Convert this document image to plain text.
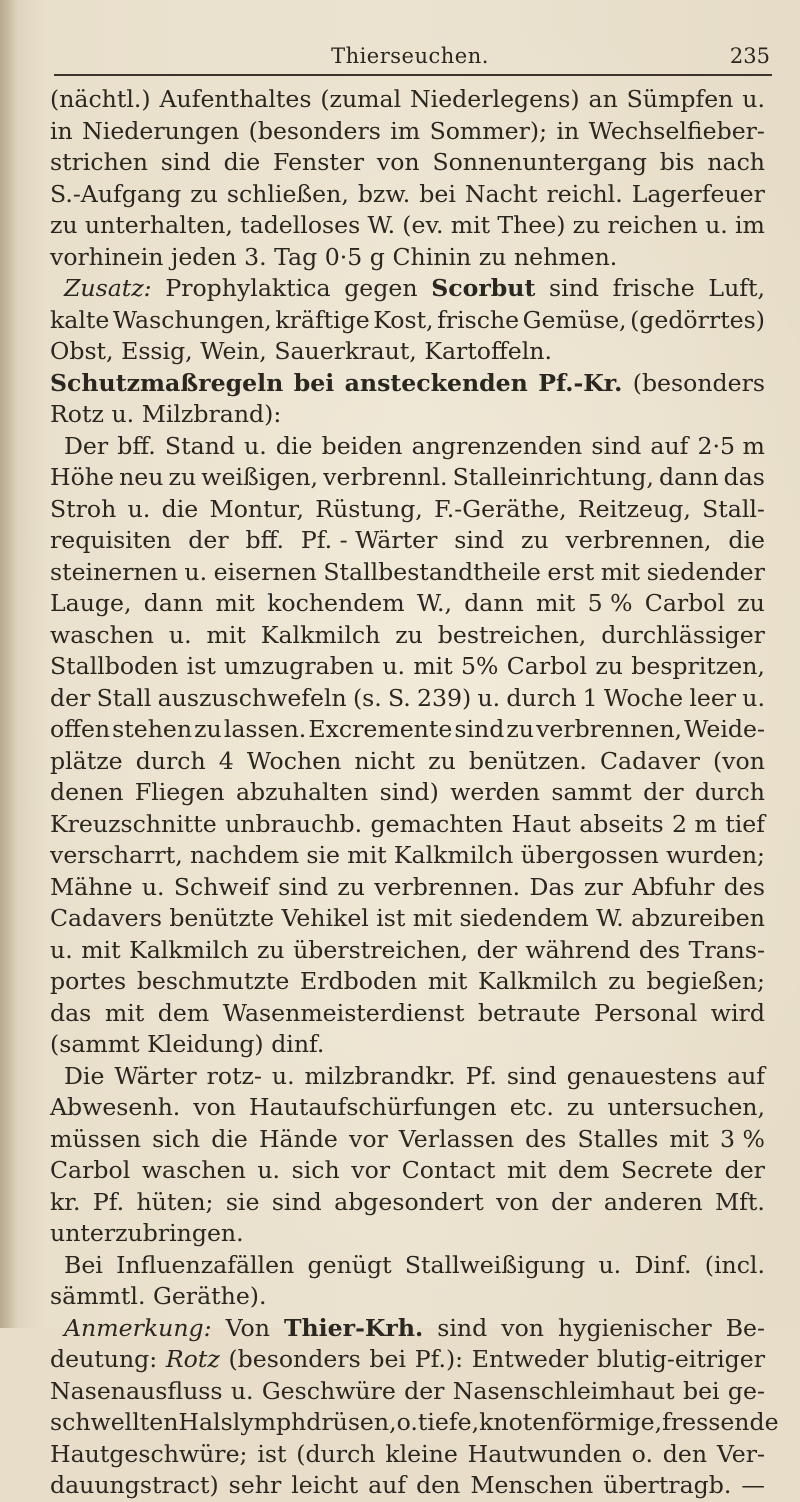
Thierseuchen.	235
(nächtl.) Aufenthaltes (zumal Niederlegens) an Sümpfen u.
in Niederungen (besonders im Sommer); in Wechselfieber-
strichen sind die Fenster von Sonnenuntergang bis nach
S.-Aufgang zu schließen, bzw. bei Nacht reichl. Lagerfeuer
zu unterhalten, tadelloses W. (ev. mit Thee) zu reichen u. im
vorhinein jeden 3. Tag 0·5 g Chinin zu nehmen.
Zusatz: Prophylaktica gegen Scorbut sind frische Luft,
kalte Waschungen, kräftige Kost, frische Gemüse, (gedörrtes)
Obst, Essig, Wein, Sauerkraut, Kartoffeln.
Schutzmaßregeln bei ansteckenden Pf.-Kr. (besonders
Rotz u. Milzbrand):
Der bff. Stand u. die beiden angrenzenden sind auf 2·5 m
Höhe neu zu weißigen, verbrennl. Stalleinrichtung, dann das
Stroh u. die Montur, Rüstung, F.-Geräthe, Reitzeug, Stall-
requisiten der bff. Pf. - Wärter sind zu verbrennen, die
steinernen u. eisernen Stallbestandtheile erst mit siedender
Lauge, dann mit kochendem W., dann mit 5 % Carbol zu
waschen u. mit Kalkmilch zu bestreichen, durchlässiger
Stallboden ist umzugraben u. mit 5% Carbol zu bespritzen,
der Stall auszuschwefeln (s. S. 239) u. durch 1 Woche leer u.
offen stehen zu lassen. Excremente sind zu verbrennen, Weide-
plätze durch 4 Wochen nicht zu benützen. Cadaver (von
denen Fliegen abzuhalten sind) werden sammt der durch
Kreuzschnitte unbrauchb. gemachten Haut abseits 2 m tief
verscharrt, nachdem sie mit Kalkmilch übergossen wurden;
Mähne u. Schweif sind zu verbrennen. Das zur Abfuhr des
Cadavers benützte Vehikel ist mit siedendem W. abzureiben
u. mit Kalkmilch zu überstreichen, der während des Trans-
portes beschmutzte Erdboden mit Kalkmilch zu begießen;
das mit dem Wasenmeisterdienst betraute Personal wird
(sammt Kleidung) dinf.
Die Wärter rotz- u. milzbrandkr. Pf. sind genauestens auf
Abwesenh. von Hautaufschürfungen etc. zu untersuchen,
müssen sich die Hände vor Verlassen des Stalles mit 3 %
Carbol waschen u. sich vor Contact mit dem Secrete der
kr. Pf. hüten; sie sind abgesondert von der anderen Mft.
unterzubringen.
Bei Influenzafällen genügt Stallweißigung u. Dinf. (incl.
sämmtl. Geräthe).
Anmerkung: Von Thier-Krh. sind von hygienischer Be-
deutung: Rotz (besonders bei Pf.): Entweder blutig-eitriger
Nasenausfluss u. Geschwüre der Nasenschleimhaut bei ge-
schwellten Halslymphdrüsen, o. tiefe, knotenförmige, fressende
Hautgeschwüre; ist (durch kleine Hautwunden o. den Ver-
dauungstract) sehr leicht auf den Menschen übertragb. —
